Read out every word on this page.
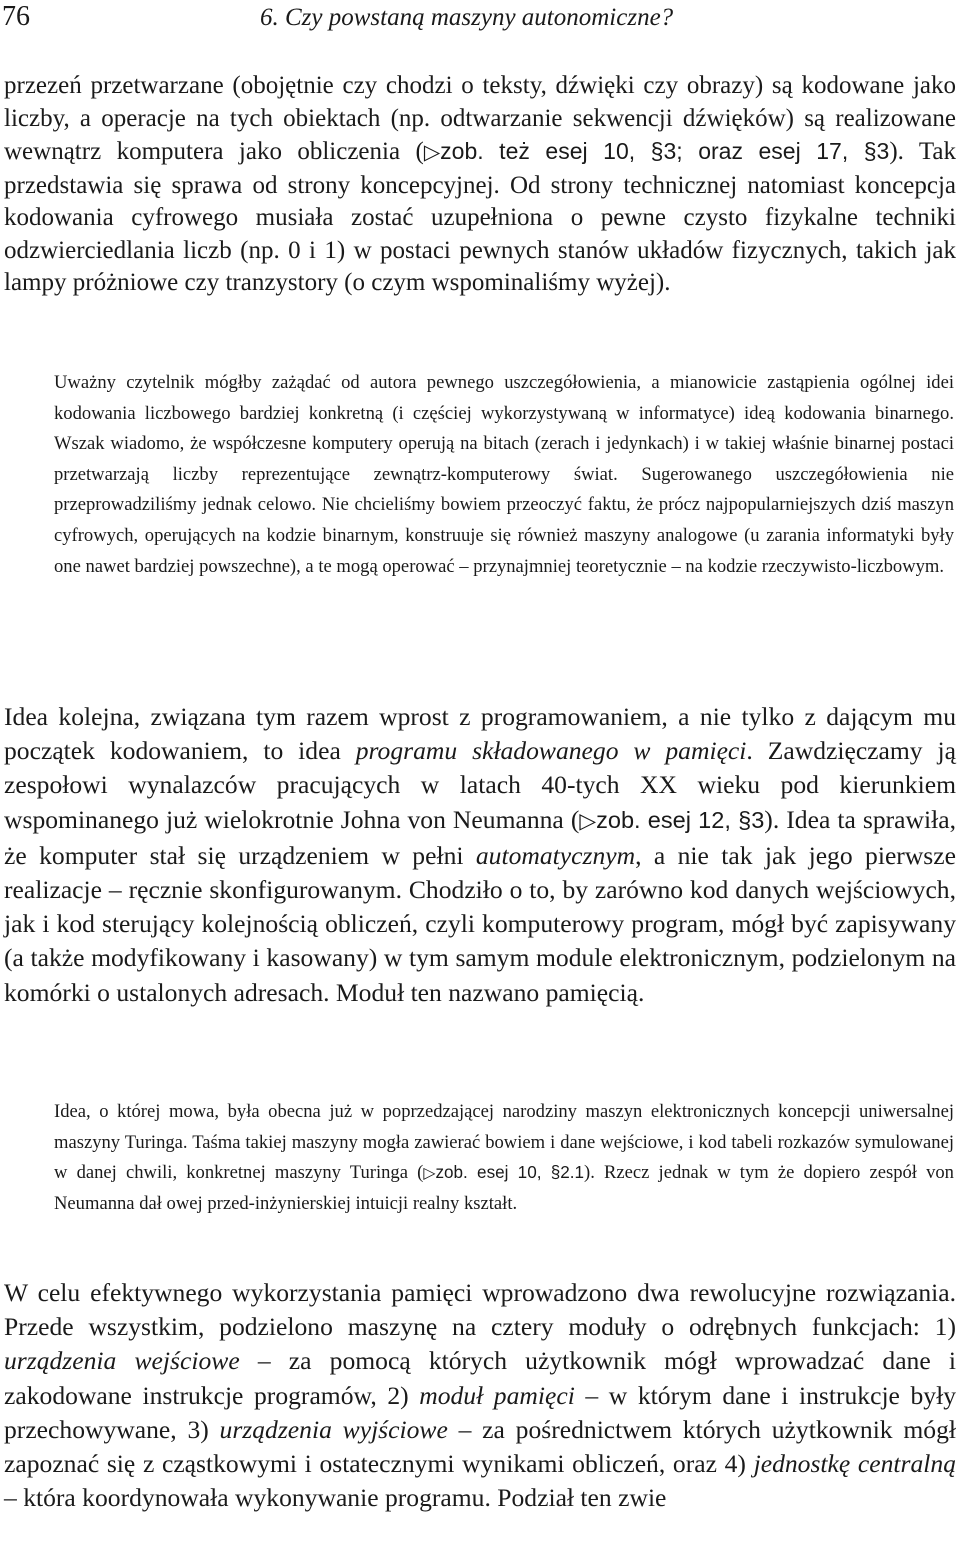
76	6. Czy powstaną maszyny autonomiczne?

przezeń przetwarzane (obojętnie czy chodzi o teksty, dźwięki czy obrazy) są kodowane jako liczby, a operacje na tych obiektach (np. odtwarzanie sekwencji dźwięków) są realizowane wewnątrz komputera jako obliczenia (▷zob. też esej 10, §3; oraz esej 17, §3). Tak przedstawia się sprawa od strony koncepcyjnej. Od strony technicznej natomiast koncepcja kodowania cyfrowego musiała zostać uzupełniona o pewne czysto fizykalne techniki odzwierciedlania liczb (np. 0 i 1) w postaci pewnych stanów układów fizycznych, takich jak lampy próżniowe czy tranzystory (o czym wspominaliśmy wyżej).

Uważny czytelnik mógłby zażądać od autora pewnego uszczegółowienia, a mianowicie zastąpienia ogólnej idei kodowania liczbowego bardziej konkretną (i częściej wykorzystywaną w informatyce) ideą kodowania binarnego. Wszak wiadomo, że współczesne komputery operują na bitach (zerach i jedynkach) i w takiej właśnie binarnej postaci przetwarzają liczby reprezentujące zewnątrz-komputerowy świat. Sugerowanego uszczegółowienia nie przeprowadziliśmy jednak celowo. Nie chcieliśmy bowiem przeoczyć faktu, że prócz najpopularniejszych dziś maszyn cyfrowych, operujących na kodzie binarnym, konstruuje się również maszyny analogowe (u zarania informatyki były one nawet bardziej powszechne), a te mogą operować – przynajmniej teoretycznie – na kodzie rzeczywisto-liczbowym.

Idea kolejna, związana tym razem wprost z programowaniem, a nie tylko z dającym mu początek kodowaniem, to idea programu składowanego w pamięci. Zawdzięczamy ją zespołowi wynalazców pracujących w latach 40-tych XX wieku pod kierunkiem wspominanego już wielokrotnie Johna von Neumanna (▷zob. esej 12, §3). Idea ta sprawiła, że komputer stał się urządzeniem w pełni automatycznym, a nie tak jak jego pierwsze realizacje – ręcznie skonfigurowanym. Chodziło o to, by zarówno kod danych wejściowych, jak i kod sterujący kolejnością obliczeń, czyli komputerowy program, mógł być zapisywany (a także modyfikowany i kasowany) w tym samym module elektronicznym, podzielonym na komórki o ustalonych adresach. Moduł ten nazwano pamięcią.

Idea, o której mowa, była obecna już w poprzedzającej narodziny maszyn elektronicznych koncepcji uniwersalnej maszyny Turinga. Taśma takiej maszyny mogła zawierać bowiem i dane wejściowe, i kod tabeli rozkazów symulowanej w danej chwili, konkretnej maszyny Turinga (▷zob. esej 10, §2.1). Rzecz jednak w tym że dopiero zespół von Neumanna dał owej przed-inżynierskiej intuicji realny kształt.

W celu efektywnego wykorzystania pamięci wprowadzono dwa rewolucyjne rozwiązania. Przede wszystkim, podzielono maszynę na cztery moduły o odrębnych funkcjach: 1) urządzenia wejściowe – za pomocą których użytkownik mógł wprowadzać dane i zakodowane instrukcje programów, 2) moduł pamięci – w którym dane i instrukcje były przechowywane, 3) urządzenia wyjściowe – za pośrednictwem których użytkownik mógł zapoznać się z cząstkowymi i ostatecznymi wynikami obliczeń, oraz 4) jednostkę centralną – która koordynowała wykonywanie programu. Podział ten zwie
